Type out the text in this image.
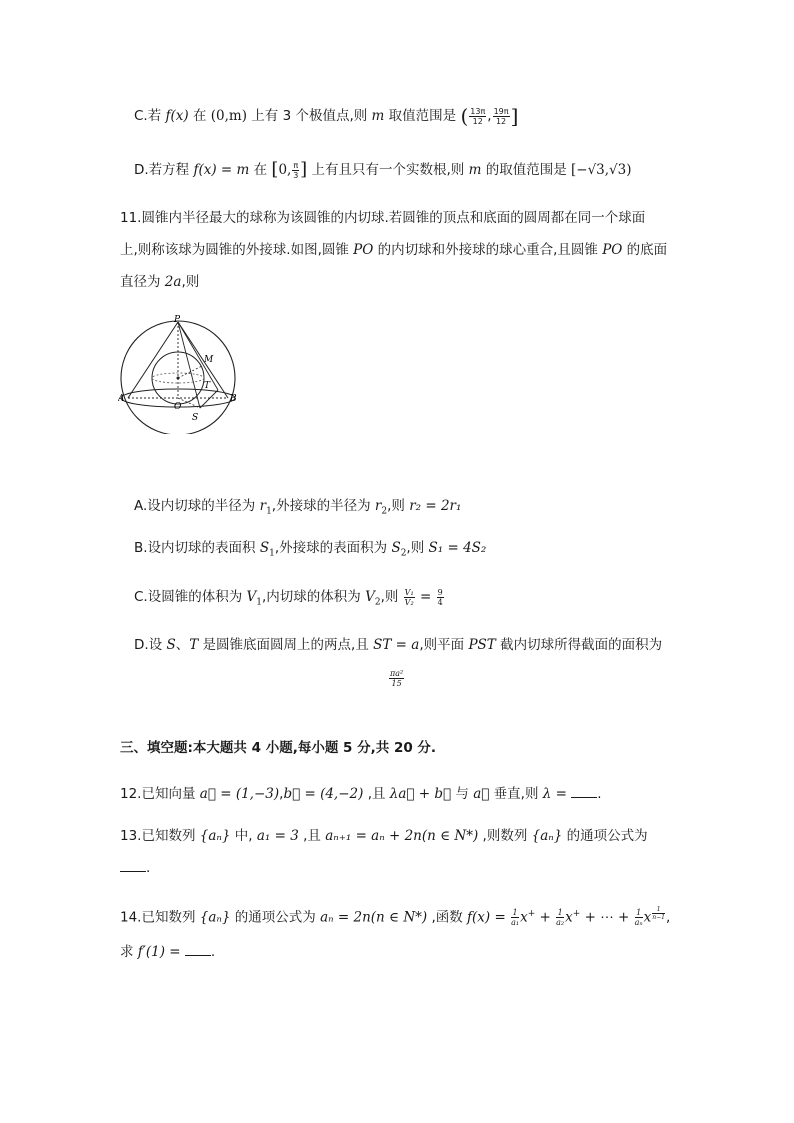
C.若 f(x) 在 (0,m) 上有 3 个极值点,则 m 取值范围是 ( $\frac{13\pi}{12}$ , $\frac{19\pi}{12}$ ]
D.若方程 f(x) = m 在 [0, $\frac{\pi}{3}$ ] 上有且只有一个实数根,则 m 的取值范围是 [−√3,√3)
11.圆锥内半径最大的球称为该圆锥的内切球.若圆锥的顶点和底面的圆周都在同一个球面
上,则称该球为圆锥的外接球.如图,圆锥 PO 的内切球和外接球的球心重合,且圆锥 PO 的底面
直径为 2a,则
P
M
T
A
O
B
S
A.设内切球的半径为 $r_1$,外接球的半径为 $r_2$,则 r₂ = 2r₁
B.设内切球的表面积 $S_1$,外接球的表面积为 $S_2$,则 S₁ = 4S₂
C.设圆锥的体积为 $V_1$,内切球的体积为 $V_2$,则 $\frac{\text{V₁}}{\text{V₂}} = \frac{9}{4}$
D.设 S、T 是圆锥底面圆周上的两点,且 ST = a,则平面 PST 截内切球所得截面的面积为
$\frac{\text{πa²}}{15}$
三、填空题:本大题共 4 小题,每小题 5 分,共 20 分.
12.已知向量 a⃗ = (1,−3),b⃗ = (4,−2) ,且 λa⃗ + b⃗ 与 a⃗ 垂直,则 λ = .
13.已知数列 {aₙ} 中, a₁ = 3 ,且 aₙ₊₁ = aₙ + 2n(n ∈ N*) ,则数列 {aₙ} 的通项公式为
.
14.已知数列 {aₙ} 的通项公式为 aₙ = 2n(n ∈ N*) ,函数 $f(x) = \frac{1}{\text{a₁}} x^+ + \frac{1}{\text{a₂}} x^+$ + ⋯ + $\frac{1}{\text{aₙ}}$ x $^{\frac{1}{n-1}}$ ,
求 f′(1) = .
